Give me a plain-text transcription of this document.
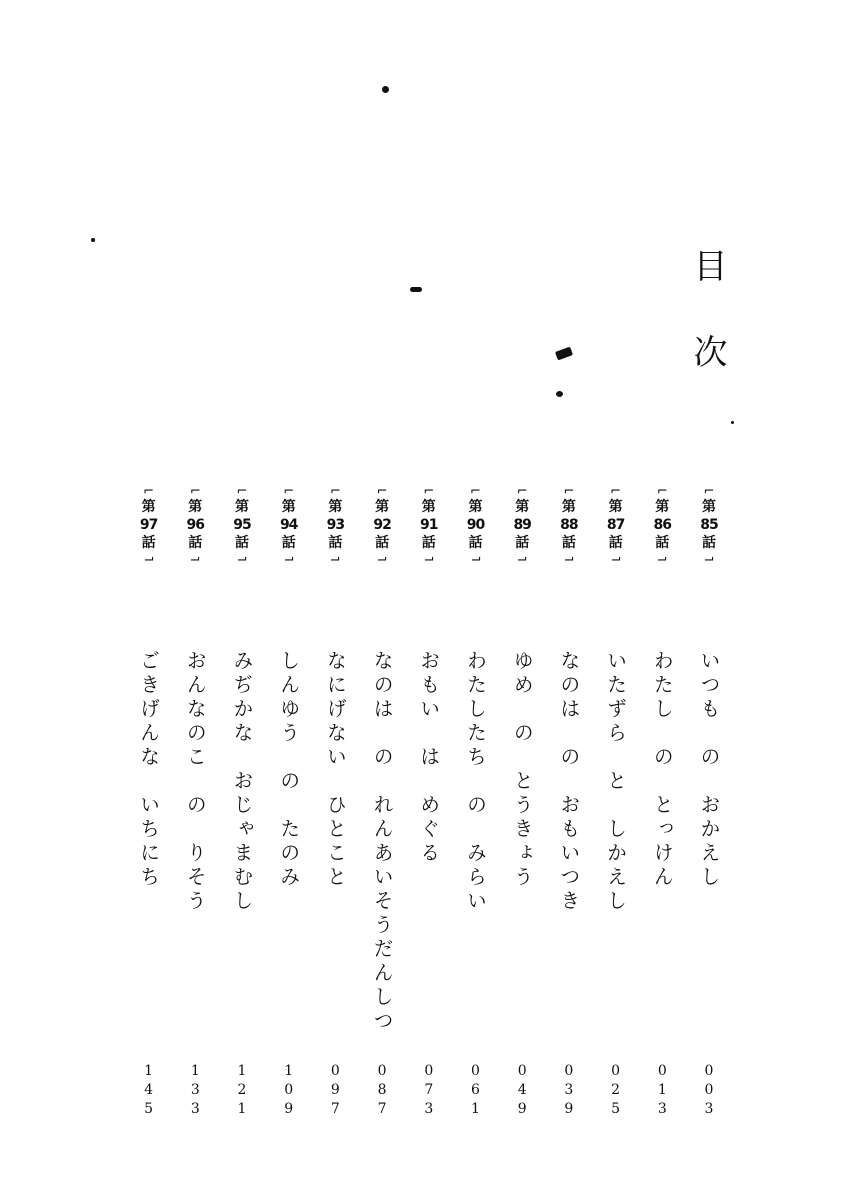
目次
⌐
第
85
話
⌐
いつも　の　おかえし
0
0
3
⌐
第
86
話
⌐
わたし　の　とっけん
0
1
3
⌐
第
87
話
⌐
いたずら　と　しかえし
0
2
5
⌐
第
88
話
⌐
なのは　の　おもいつき
0
3
9
⌐
第
89
話
⌐
ゆめ　の　とうきょう
0
4
9
⌐
第
90
話
⌐
わたしたち　の　みらい
0
6
1
⌐
第
91
話
⌐
おもい　は　めぐる
0
7
3
⌐
第
92
話
⌐
なのは　の　れんあいそうだんしつ
0
8
7
⌐
第
93
話
⌐
なにげない　ひとこと
0
9
7
⌐
第
94
話
⌐
しんゆう　の　たのみ
1
0
9
⌐
第
95
話
⌐
みぢかな　おじゃまむし
1
2
1
⌐
第
96
話
⌐
おんなのこ　の　りそう
1
3
3
⌐
第
97
話
⌐
ごきげんな　いちにち
1
4
5
